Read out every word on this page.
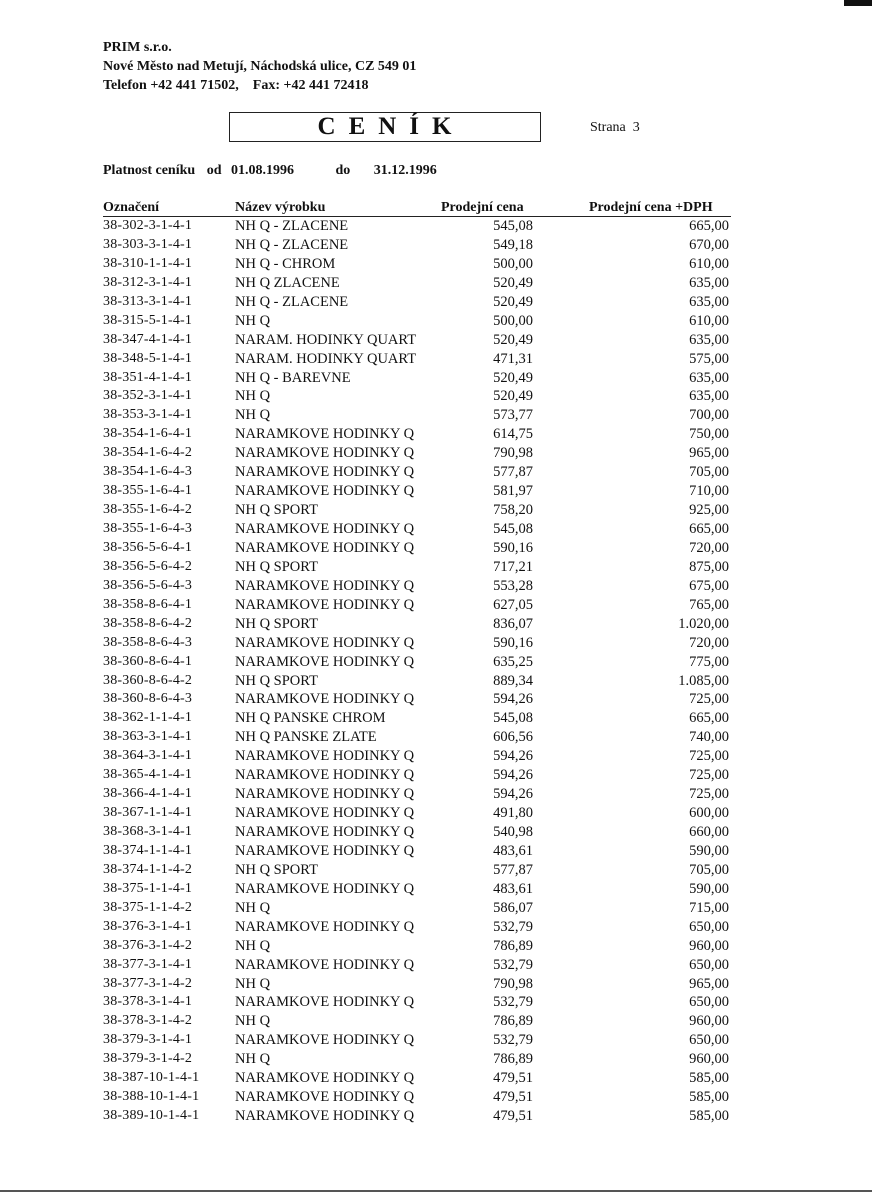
PRIM s.r.o.
Nové Město nad Metují, Náchodská ulice, CZ 549 01
Telefon +42 441 71502,    Fax: +42 441 72418
CENÍK	Strana  3
Platnost ceníku od 01.08.1996	do 31.12.1996
Označení	Název výrobku	Prodejní cena	Prodejní cena +DPH
38-302-3-1-4-1	NH Q - ZLACENE	545,08	665,00
38-303-3-1-4-1	NH Q - ZLACENE	549,18	670,00
38-310-1-1-4-1	NH Q - CHROM	500,00	610,00
38-312-3-1-4-1	NH Q ZLACENE	520,49	635,00
38-313-3-1-4-1	NH Q - ZLACENE	520,49	635,00
38-315-5-1-4-1	NH Q	500,00	610,00
38-347-4-1-4-1	NARAM. HODINKY QUART	520,49	635,00
38-348-5-1-4-1	NARAM. HODINKY QUART	471,31	575,00
38-351-4-1-4-1	NH Q - BAREVNE	520,49	635,00
38-352-3-1-4-1	NH Q	520,49	635,00
38-353-3-1-4-1	NH Q	573,77	700,00
38-354-1-6-4-1	NARAMKOVE HODINKY Q	614,75	750,00
38-354-1-6-4-2	NARAMKOVE HODINKY Q	790,98	965,00
38-354-1-6-4-3	NARAMKOVE HODINKY Q	577,87	705,00
38-355-1-6-4-1	NARAMKOVE HODINKY Q	581,97	710,00
38-355-1-6-4-2	NH Q SPORT	758,20	925,00
38-355-1-6-4-3	NARAMKOVE HODINKY Q	545,08	665,00
38-356-5-6-4-1	NARAMKOVE HODINKY Q	590,16	720,00
38-356-5-6-4-2	NH Q SPORT	717,21	875,00
38-356-5-6-4-3	NARAMKOVE HODINKY Q	553,28	675,00
38-358-8-6-4-1	NARAMKOVE HODINKY Q	627,05	765,00
38-358-8-6-4-2	NH Q SPORT	836,07	1.020,00
38-358-8-6-4-3	NARAMKOVE HODINKY Q	590,16	720,00
38-360-8-6-4-1	NARAMKOVE HODINKY Q	635,25	775,00
38-360-8-6-4-2	NH Q SPORT	889,34	1.085,00
38-360-8-6-4-3	NARAMKOVE HODINKY Q	594,26	725,00
38-362-1-1-4-1	NH Q PANSKE CHROM	545,08	665,00
38-363-3-1-4-1	NH Q PANSKE ZLATE	606,56	740,00
38-364-3-1-4-1	NARAMKOVE HODINKY Q	594,26	725,00
38-365-4-1-4-1	NARAMKOVE HODINKY Q	594,26	725,00
38-366-4-1-4-1	NARAMKOVE HODINKY Q	594,26	725,00
38-367-1-1-4-1	NARAMKOVE HODINKY Q	491,80	600,00
38-368-3-1-4-1	NARAMKOVE HODINKY Q	540,98	660,00
38-374-1-1-4-1	NARAMKOVE HODINKY Q	483,61	590,00
38-374-1-1-4-2	NH Q SPORT	577,87	705,00
38-375-1-1-4-1	NARAMKOVE HODINKY Q	483,61	590,00
38-375-1-1-4-2	NH Q	586,07	715,00
38-376-3-1-4-1	NARAMKOVE HODINKY Q	532,79	650,00
38-376-3-1-4-2	NH Q	786,89	960,00
38-377-3-1-4-1	NARAMKOVE HODINKY Q	532,79	650,00
38-377-3-1-4-2	NH Q	790,98	965,00
38-378-3-1-4-1	NARAMKOVE HODINKY Q	532,79	650,00
38-378-3-1-4-2	NH Q	786,89	960,00
38-379-3-1-4-1	NARAMKOVE HODINKY Q	532,79	650,00
38-379-3-1-4-2	NH Q	786,89	960,00
38-387-10-1-4-1	NARAMKOVE HODINKY Q	479,51	585,00
38-388-10-1-4-1	NARAMKOVE HODINKY Q	479,51	585,00
38-389-10-1-4-1	NARAMKOVE HODINKY Q	479,51	585,00
